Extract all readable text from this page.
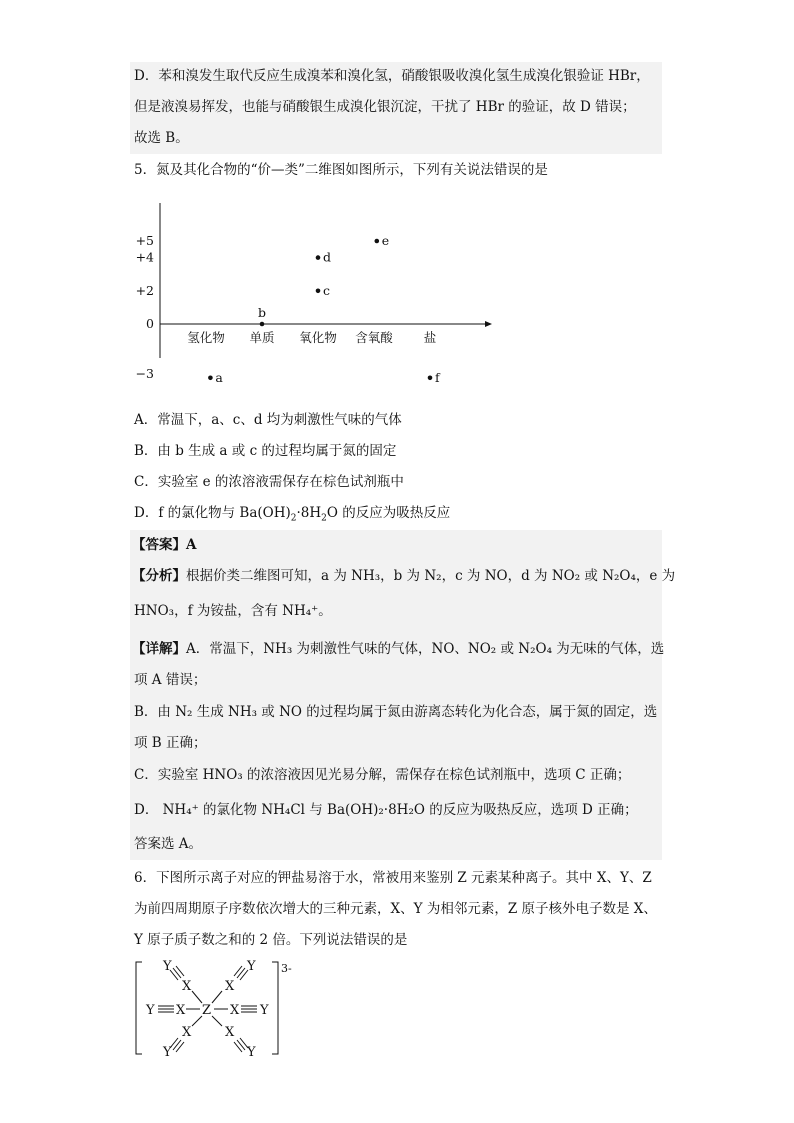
D．苯和溴发生取代反应生成溴苯和溴化氢，硝酸银吸收溴化氢生成溴化银验证 HBr，
但是液溴易挥发，也能与硝酸银生成溴化银沉淀，干扰了 HBr 的验证，故 D 错误；
故选 B。
5．氮及其化合物的“价—类”二维图如图所示，下列有关说法错误的是
+5
+4
+2
0
−3
氢化物 单质 氧化物 含氧酸 盐
a
b
c
d
e
f
A．常温下，a、c、d 均为刺激性气味的气体
B．由 b 生成 a 或 c 的过程均属于氮的固定
C．实验室 e 的浓溶液需保存在棕色试剂瓶中
D．f 的氯化物与 $Ba(OH)_2\cdot 8H_2O$ 的反应为吸热反应
【答案】A
【分析】根据价类二维图可知，a 为 NH₃，b 为 N₂，c 为 NO，d 为 NO₂ 或 N₂O₄，e 为
HNO₃，f 为铵盐，含有 NH₄⁺。
【详解】A．常温下，NH₃ 为刺激性气味的气体，NO、NO₂ 或 N₂O₄ 为无味的气体，选
项 A 错误；
B．由 N₂ 生成 NH₃ 或 NO 的过程均属于氮由游离态转化为化合态，属于氮的固定，选
项 B 正确；
C．实验室 HNO₃ 的浓溶液因见光易分解，需保存在棕色试剂瓶中，选项 C 正确；
D． NH₄⁺ 的氯化物 NH₄Cl 与 Ba(OH)₂·8H₂O 的反应为吸热反应，选项 D 正确；
答案选 A。
6．下图所示离子对应的钾盐易溶于水，常被用来鉴别 Z 元素某种离子。其中 X、Y、Z
为前四周期原子序数依次增大的三种元素，X、Y 为相邻元素，Z 原子核外电子数是 X、
Y 原子质子数之和的 2 倍。下列说法错误的是
3-
Z
X
Y	X Y
X
Y
X
Y
X
Y
X
Y
